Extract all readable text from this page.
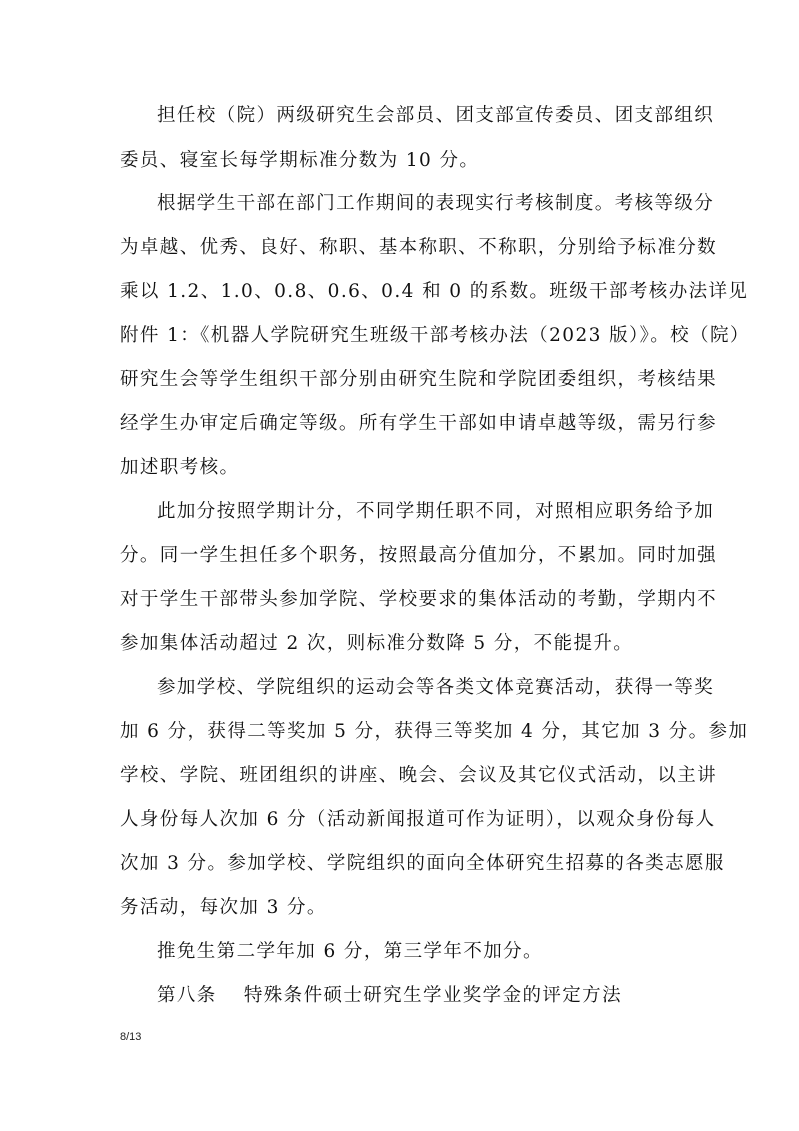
担任校（院）两级研究生会部员、团支部宣传委员、团支部组织
委员、寝室长每学期标准分数为 10 分。
根据学生干部在部门工作期间的表现实行考核制度。考核等级分
为卓越、优秀、良好、称职、基本称职、不称职，分别给予标准分数
乘以 1.2、1.0、0.8、0.6、0.4 和 0 的系数。班级干部考核办法详见
附件 1：《机器人学院研究生班级干部考核办法（2023 版）》。校（院）
研究生会等学生组织干部分别由研究生院和学院团委组织，考核结果
经学生办审定后确定等级。所有学生干部如申请卓越等级，需另行参
加述职考核。
此加分按照学期计分，不同学期任职不同，对照相应职务给予加
分。同一学生担任多个职务，按照最高分值加分，不累加。同时加强
对于学生干部带头参加学院、学校要求的集体活动的考勤，学期内不
参加集体活动超过 2 次，则标准分数降 5 分，不能提升。
参加学校、学院组织的运动会等各类文体竞赛活动，获得一等奖
加 6 分，获得二等奖加 5 分，获得三等奖加 4 分，其它加 3 分。参加
学校、学院、班团组织的讲座、晚会、会议及其它仪式活动，以主讲
人身份每人次加 6 分（活动新闻报道可作为证明），以观众身份每人
次加 3 分。参加学校、学院组织的面向全体研究生招募的各类志愿服
务活动，每次加 3 分。
推免生第二学年加 6 分，第三学年不加分。
第八条　 特殊条件硕士研究生学业奖学金的评定方法
8/13
